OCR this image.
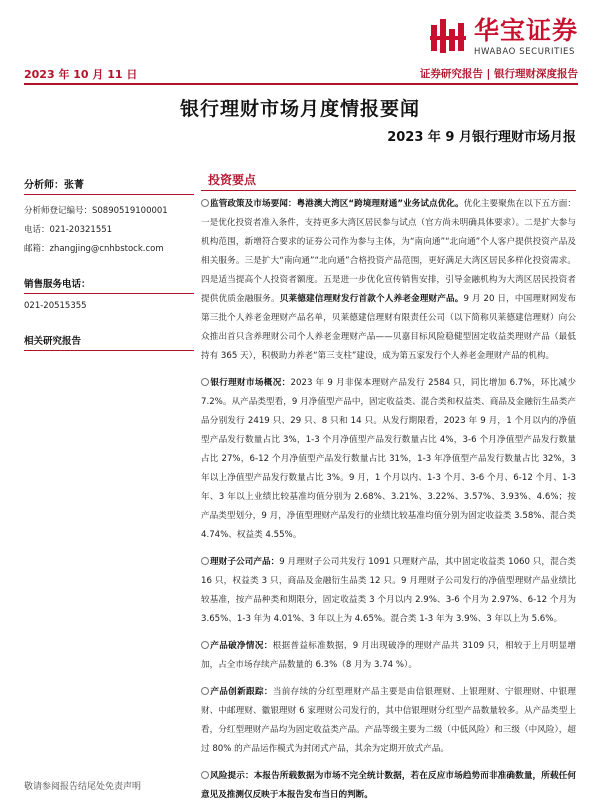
华宝证券
HWABAO SECURITIES
2023 年 10 月 11 日	证券研究报告 | 银行理财深度报告
银行理财市场月度情报要闻
2023 年 9 月银行理财市场月报
分析师：张菁
分析师登记编号：S0890519100001
电话：021-20321551
邮箱：zhangjing@cnhbstock.com
销售服务电话：
021-20515355
相关研究报告
投资要点

监管政策及市场要闻：粤港澳大湾区“跨境理财通”业务试点优化。优化主要聚焦在以下五方面：一是优化投资者准入条件，支持更多大湾区居民参与试点（官方尚未明确具体要求）。二是扩大参与机构范围，新增符合要求的证券公司作为参与主体，为“南向通”“北向通”个人客户提供投资产品及相关服务。三是扩大“南向通”“北向通”合格投资产品范围，更好满足大湾区居民多样化投资需求。四是适当提高个人投资者额度。五是进一步优化宣传销售安排，引导金融机构为大湾区居民投资者提供优质金融服务。贝莱德建信理财发行首款个人养老金理财产品。9 月 20 日，中国理财网发布第三批个人养老金理财产品名单，贝莱德建信理财有限责任公司（以下简称贝莱德建信理财）向公众推出首只含养理财公司个人养老金理财产品——贝嘉目标风险稳健型固定收益类理财产品（最低持有 365 天），积极助力养老“第三支柱”建设，成为第五家发行个人养老金理财产品的机构。

银行理财市场概况：2023 年 9 月非保本理财产品发行 2584 只，同比增加 6.7%，环比减少 7.2%。从产品类型看，9 月净值型产品中，固定收益类、混合类和权益类、商品及金融衍生品类产品分别发行 2419 只、29 只、8 只和 14 只。从发行期限看，2023 年 9 月，1 个月以内的净值型产品发行数量占比 3%，1-3 个月净值型产品发行数量占比 4%，3-6 个月净值型产品发行数量占比 27%，6-12 个月净值型产品发行数量占比 31%，1-3 年净值型产品发行数量占比 32%，3 年以上净值型产品发行数量占比 3%。9 月，1 个月以内、1-3 个月、3-6 个月、6-12 个月、1-3 年、3 年以上业绩比较基准均值分别为 2.68%、3.21%、3.22%、3.57%、3.93%、4.6%；按产品类型划分，9 月，净值型理财产品发行的业绩比较基准均值分别为固定收益类 3.58%、混合类 4.74%、权益类 4.55%。

理财子公司产品：9 月理财子公司共发行 1091 只理财产品，其中固定收益类 1060 只，混合类 16 只，权益类 3 只，商品及金融衍生品类 12 只。9 月理财子公司发行的净值型理财产品业绩比较基准，按产品种类和期限分，固定收益类 3 个月以内 2.9%、3-6 个月为 2.97%、6-12 个月为 3.65%、1-3 年为 4.01%、3 年以上为 4.65%。混合类 1-3 年为 3.9%、3 年以上为 5.6%。

产品破净情况：根据普益标准数据，9 月出现破净的理财产品共 3109 只，相较于上月明显增加，占全市场存续产品数量的 6.3%（8 月为 3.74 %）。

产品创新跟踪：当前存续的分红型理财产品主要是由信银理财、上银理财、宁银理财、中银理财、中邮理财、徽银理财 6 家理财公司发行的，其中信银理财分红型产品数量较多。从产品类型上看，分红型理财产品均为固定收益类产品。产品等级主要为二级（中低风险）和三级（中风险），超过 80% 的产品运作模式为封闭式产品，其余为定期开放式产品。

风险提示：本报告所载数据为市场不完全统计数据，若在反应市场趋势而非准确数量，所载任何意见及推测仅反映于本报告发布当日的判断。

敬请参阅报告结尾处免责声明
